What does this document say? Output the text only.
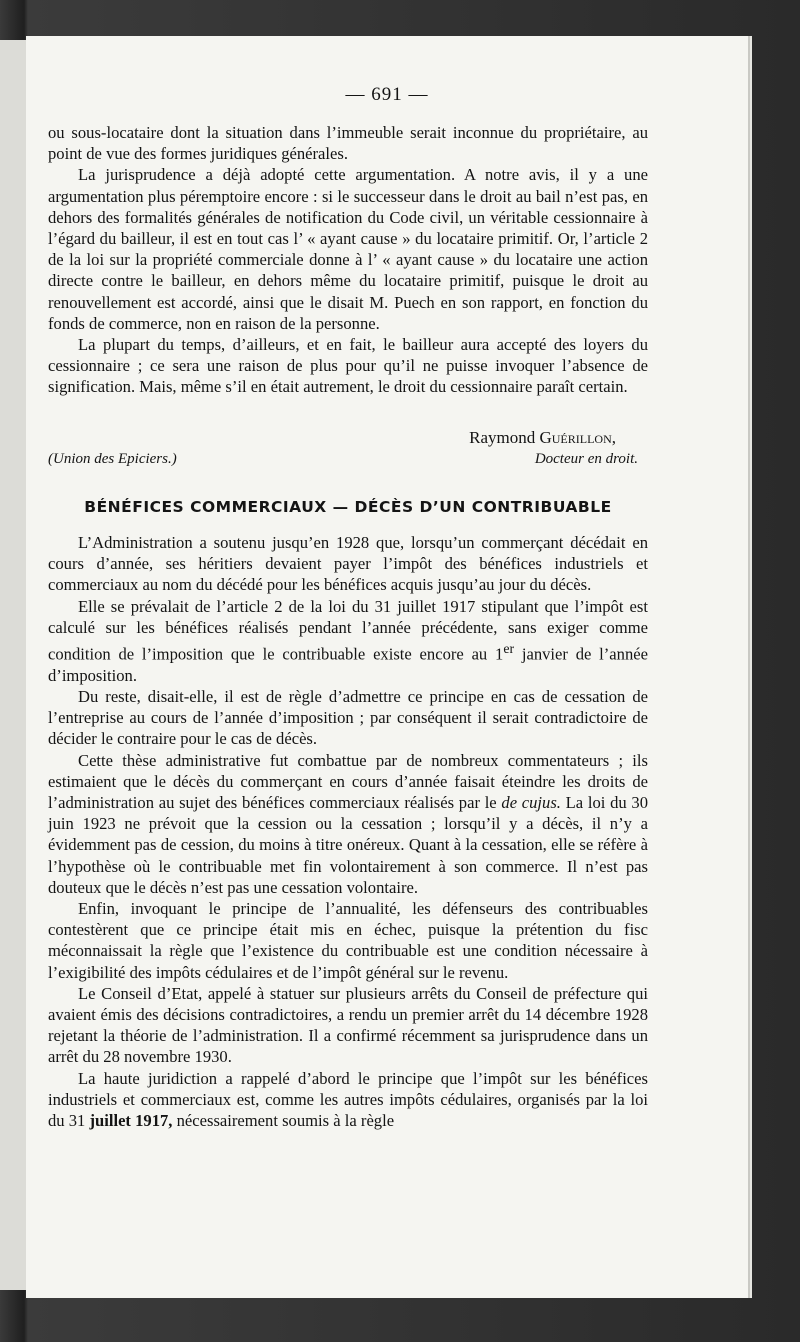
— 691 —

ou sous-locataire dont la situation dans l’immeuble serait inconnue du propriétaire, au point de vue des formes juridiques générales.

La jurisprudence a déjà adopté cette argumentation. A notre avis, il y a une argumentation plus péremptoire encore : si le successeur dans le droit au bail n’est pas, en dehors des formalités générales de notification du Code civil, un véritable cessionnaire à l’égard du bailleur, il est en tout cas l’ « ayant cause » du locataire primitif. Or, l’article 2 de la loi sur la propriété commerciale donne à l’ « ayant cause » du locataire une action directe contre le bailleur, en dehors même du locataire primitif, puisque le droit au renouvellement est accordé, ainsi que le disait M. Puech en son rapport, en fonction du fonds de commerce, non en raison de la personne.

La plupart du temps, d’ailleurs, et en fait, le bailleur aura accepté des loyers du cessionnaire ; ce sera une raison de plus pour qu’il ne puisse invoquer l’absence de signification. Mais, même s’il en était autrement, le droit du cessionnaire paraît certain.

Raymond Guérillon,
(Union des Epiciers.)	Docteur en droit.
BÉNÉFICES COMMERCIAUX — DÉCÈS D’UN CONTRIBUABLE

L’Administration a soutenu jusqu’en 1928 que, lorsqu’un commerçant décédait en cours d’année, ses héritiers devaient payer l’impôt des bénéfices industriels et commerciaux au nom du décédé pour les bénéfices acquis jusqu’au jour du décès.

Elle se prévalait de l’article 2 de la loi du 31 juillet 1917 stipulant que l’impôt est calculé sur les bénéfices réalisés pendant l’année précédente, sans exiger comme condition de l’imposition que le contribuable existe encore au 1er janvier de l’année d’imposition.

Du reste, disait-elle, il est de règle d’admettre ce principe en cas de cessation de l’entreprise au cours de l’année d’imposition ; par conséquent il serait contradictoire de décider le contraire pour le cas de décès.

Cette thèse administrative fut combattue par de nombreux commentateurs ; ils estimaient que le décès du commerçant en cours d’année faisait éteindre les droits de l’administration au sujet des bénéfices commerciaux réalisés par le de cujus. La loi du 30 juin 1923 ne prévoit que la cession ou la cessation ; lorsqu’il y a décès, il n’y a évidemment pas de cession, du moins à titre onéreux. Quant à la cessation, elle se réfère à l’hypothèse où le contribuable met fin volontairement à son commerce. Il n’est pas douteux que le décès n’est pas une cessation volontaire.

Enfin, invoquant le principe de l’annualité, les défenseurs des contribuables contestèrent que ce principe était mis en échec, puisque la prétention du fisc méconnaissait la règle que l’existence du contribuable est une condition nécessaire à l’exigibilité des impôts cédulaires et de l’impôt général sur le revenu.

Le Conseil d’Etat, appelé à statuer sur plusieurs arrêts du Conseil de préfecture qui avaient émis des décisions contradictoires, a rendu un premier arrêt du 14 décembre 1928 rejetant la théorie de l’administration. Il a confirmé récemment sa jurisprudence dans un arrêt du 28 novembre 1930.

La haute juridiction a rappelé d’abord le principe que l’impôt sur les bénéfices industriels et commerciaux est, comme les autres impôts cédulaires, organisés par la loi du 31 juillet 1917, nécessairement soumis à la règle
